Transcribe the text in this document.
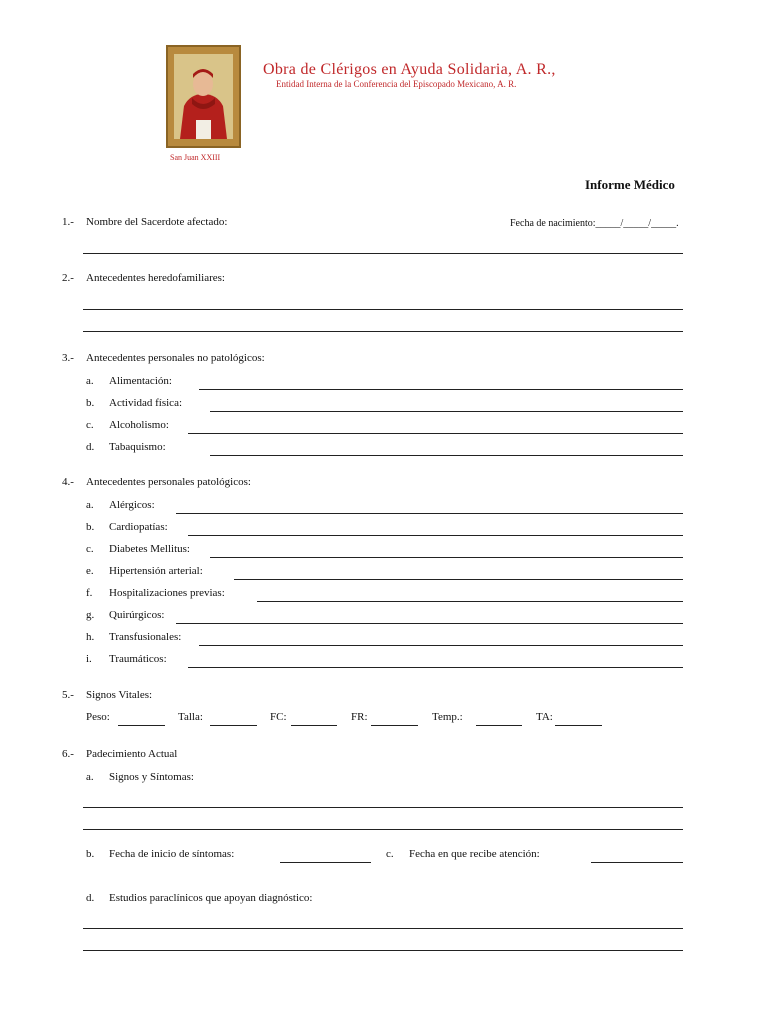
Obra de Clérigos en Ayuda Solidaria, A. R.,
Entidad Interna de la Conferencia del Episcopado Mexicano, A. R.
San Juan XXIII
Informe Médico
1.- Nombre del Sacerdote afectado:	Fecha de nacimiento:_____/_____/_____.
2.- Antecedentes heredofamiliares:
3.- Antecedentes personales no patológicos:
a. Alimentación:
b. Actividad física:
c. Alcoholismo:
d. Tabaquismo:
4.- Antecedentes personales patológicos:
a. Alérgicos:
b. Cardiopatías:
c. Diabetes Mellitus:
e. Hipertensión arterial:
f. Hospitalizaciones previas:
g. Quirúrgicos:
h. Transfusionales:
i. Traumáticos:
5.- Signos Vitales:
Peso:	Talla:	FC:	FR:	Temp.:	TA:
6.- Padecimiento Actual
a. Signos y Síntomas:
b. Fecha de inicio de síntomas:	c. Fecha en que recibe atención:
d. Estudios paraclínicos que apoyan diagnóstico:
